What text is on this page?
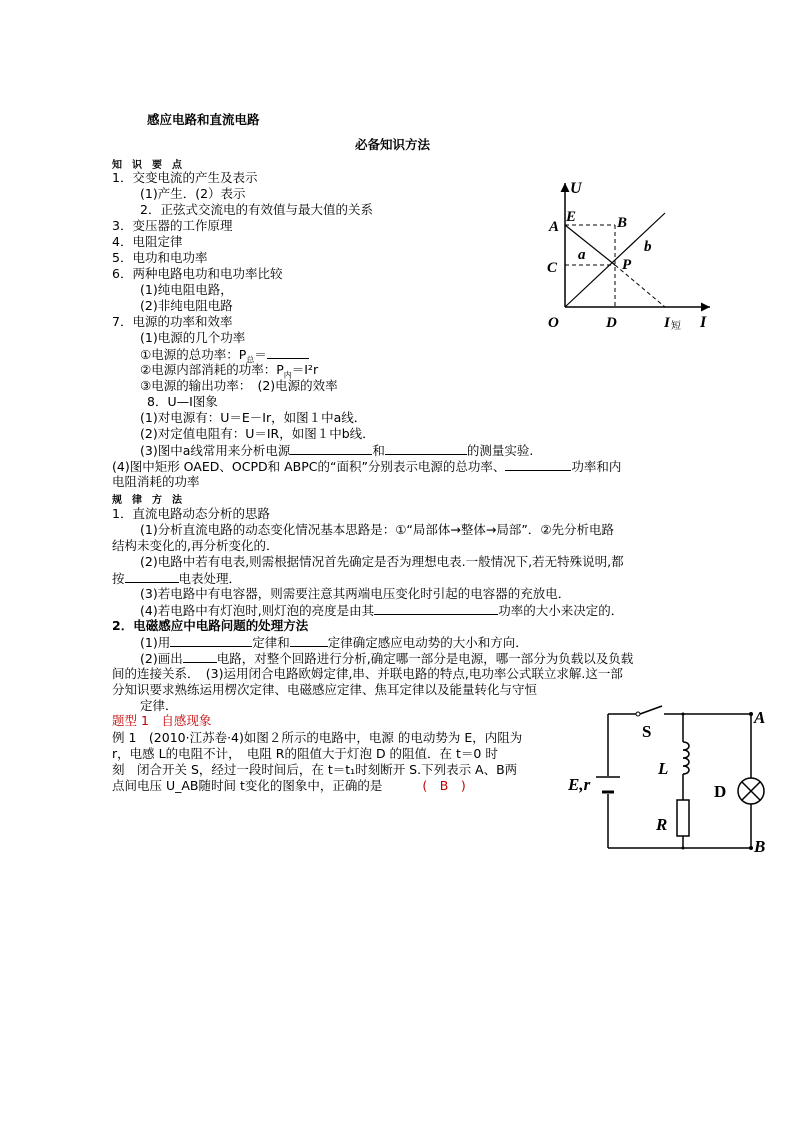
感应电路和直流电路
必备知识方法
知　识　要　点
1．交变电流的产生及表示
(1)产生．(2）表示
2．正弦式交流电的有效值与最大值的关系
3．变压器的工作原理
4．电阻定律
5．电功和电功率
6．两种电路电功和电功率比较
(1)纯电阻电路，
(2)非纯电阻电路
7．电源的功率和效率
(1)电源的几个功率
①电源的总功率：$P_总=$
②电源内部消耗的功率：$P_内=I^2r$
③电源的输出功率：　(2)电源的效率
8．U—I图象
(1)对电源有：U＝E－Ir，如图１中a线．
(2)对定值电阻有：U＝IR，如图１中b线．
(3)图中a线常用来分析电源	和	的测量实验.
(4)图中矩形 OAED、OCPD和 ABPC的“面积”分别表示电源的总功率、	功率和内
电阻消耗的功率
规　律　方　法
1．直流电路动态分析的思路
(1)分析直流电路的动态变化情况基本思路是：①“局部体→整体→局部”．②先分析电路
结构未变化的,再分析变化的．
(2)电路中若有电表,则需根据情况首先确定是否为理想电表.一般情况下,若无特殊说明,都
按	电表处理．
(3)若电路中有电容器，则需要注意其两端电压变化时引起的电容器的充放电．
(4)若电路中有灯泡时,则灯泡的亮度是由其	功率的大小来决定的．
2．电磁感应中电路问题的处理方法
(1)用	定律和	定律确定感应电动势的大小和方向．
(2)画出	电路，对整个回路进行分析,确定哪一部分是电源，哪一部分为负载以及负载
间的连接关系．　(3)运用闭合电路欧姆定律,串、并联电路的特点,电功率公式联立求解.这一部
分知识要求熟练运用楞次定律、电磁感应定律、焦耳定律以及能量转化与守恒
定律．
题型 1　自感现象
例 1　(2010·江苏卷·4)如图２所示的电路中，电源 的电动势为 E，内阻为
r，电感 L的电阻不计，　电阻 R的阻值大于灯泡 D 的阻值．在 t＝0 时
刻　闭合开关 S，经过一段时间后，在 t＝t₁时刻断开 S.下列表示 A、B两
点间电压 U_AB随时间 t变化的图象中，正确的是	(　B　)
U
I
E
A	B
C
a	b
P
O	D	I 短
S
L
R
D
A
B
E,r
